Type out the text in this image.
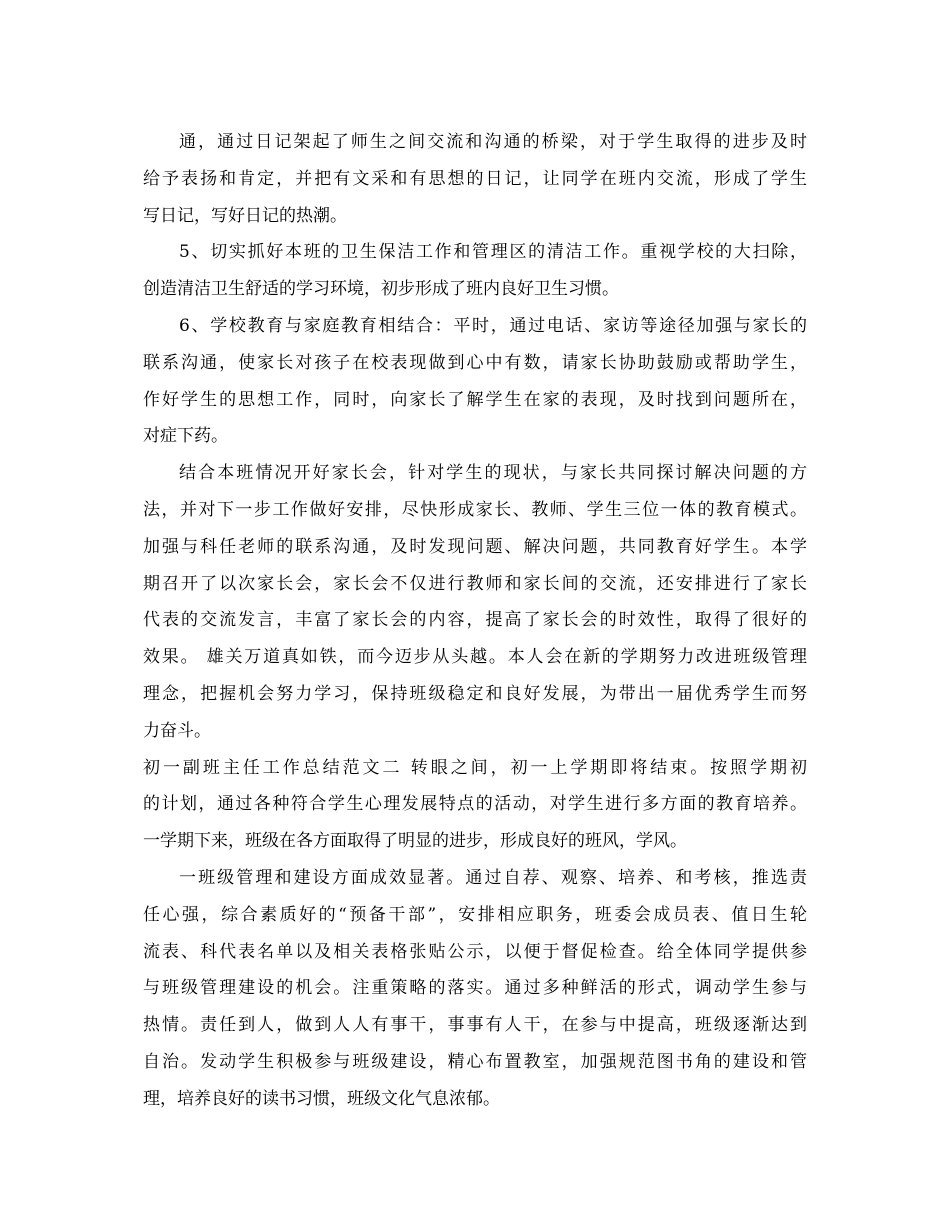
通，通过日记架起了师生之间交流和沟通的桥梁，对于学生取得的进步及时
给予表扬和肯定，并把有文采和有思想的日记，让同学在班内交流，形成了学生
写日记，写好日记的热潮。
5、切实抓好本班的卫生保洁工作和管理区的清洁工作。重视学校的大扫除，
创造清洁卫生舒适的学习环境，初步形成了班内良好卫生习惯。
6、学校教育与家庭教育相结合：平时，通过电话、家访等途径加强与家长的
联系沟通，使家长对孩子在校表现做到心中有数，请家长协助鼓励或帮助学生，
作好学生的思想工作，同时，向家长了解学生在家的表现，及时找到问题所在，
对症下药。
结合本班情况开好家长会，针对学生的现状，与家长共同探讨解决问题的方
法，并对下一步工作做好安排，尽快形成家长、教师、学生三位一体的教育模式。
加强与科任老师的联系沟通，及时发现问题、解决问题，共同教育好学生。本学
期召开了以次家长会，家长会不仅进行教师和家长间的交流，还安排进行了家长
代表的交流发言，丰富了家长会的内容，提高了家长会的时效性，取得了很好的
效果。 雄关万道真如铁，而今迈步从头越。本人会在新的学期努力改进班级管理
理念，把握机会努力学习，保持班级稳定和良好发展，为带出一届优秀学生而努
力奋斗。
初一副班主任工作总结范文二 转眼之间，初一上学期即将结束。按照学期初
的计划，通过各种符合学生心理发展特点的活动，对学生进行多方面的教育培养。
一学期下来，班级在各方面取得了明显的进步，形成良好的班风，学风。
一班级管理和建设方面成效显著。通过自荐、观察、培养、和考核，推选责
任心强，综合素质好的“预备干部”，安排相应职务，班委会成员表、值日生轮
流表、科代表名单以及相关表格张贴公示，以便于督促检查。给全体同学提供参
与班级管理建设的机会。注重策略的落实。通过多种鲜活的形式，调动学生参与
热情。责任到人，做到人人有事干，事事有人干，在参与中提高，班级逐渐达到
自治。发动学生积极参与班级建设，精心布置教室，加强规范图书角的建设和管
理，培养良好的读书习惯，班级文化气息浓郁。
